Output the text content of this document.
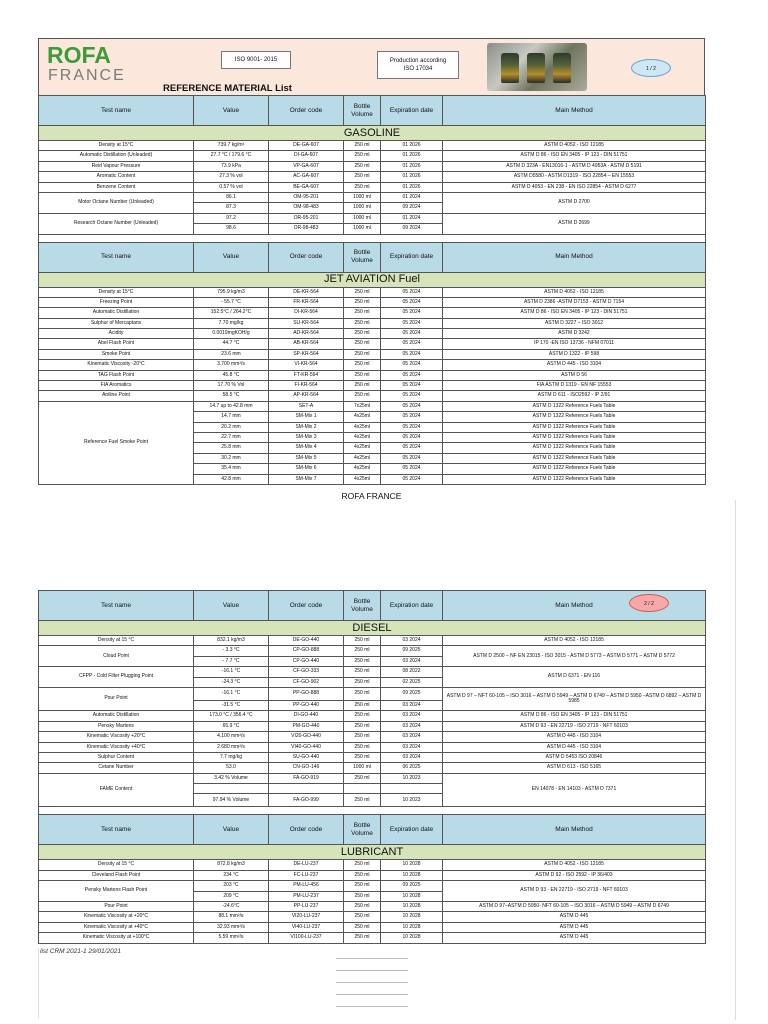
ROFA
FRANCE
ISO 9001- 2015	Production according
ISO 17034
REFERENCE MATERIAL List
1 / 2
Test name	Value	Order code	Bottle Volume	Expiration date	Main Method
GASOLINE					
Density at 15°C	739.7 kg/m³	DE-GA-607	250 ml	01 2026	ASTM D 4052 - ISO 12185
Automatic Distillation (Unleaded)	27.7 °C / 179.6 °C	DI-GA-607	250 ml	01 2026	ASTM D 86 - ISO EN 3405 - IP 123 - DIN 51751
Reid Vapour Pressure	73.9 kPa	VP-GA-607	250 ml	01 2026	ASTM D 323A - EN13016-1 - ASTM D 4953A - ASTM D 5191
Aromatic Content	27.3 % vol	AC-GA-607	250 ml	01 2026	ASTM D5580 - ASTM D1319 - ISO 22854 – EN 15553
Benzene Content	0.57 % vol	BE-GA-607	250 ml	01 2026	ASTM D 4053 - EN 238 - EN ISO 22854 - ASTM D 6277
Motor Octane Number (Unleaded)	86.1	OM-95-201	1000 ml	01 2024	ASTM D 2700
	87.3	OM-98-483	1000 ml	09 2024	
Research Octane Number (Unleaded)	97.2	OR-95-201	1000 ml	01 2024	ASTM D 2699
	98.6	OR-98-483	1000 ml	09 2024	

Test name	Value	Order code	Bottle Volume	Expiration date	Main Method
JET AVIATION Fuel					
Density at 15°C	795.9 kg/m3	DE-KR-564	250 ml	05 2024	ASTM D 4052 - ISO 12185
Freezing Point	- 55.7 °C	FR-KR-564	250 ml	05 2024	ASTM D 2386 -ASTM D7153 - ASTM D 7154
Automatic Distillation	152.5°C / 264.2°C	DI-KR-564	250 ml	05 2024	ASTM D 86 - ISO EN 3405 - IP 123 - DIN 51751
Sulphur of Mercaptans	7.70 mg/kg	SU-KR-564	250 ml	05 2024	ASTM D 3227 – ISO 3012
Acidity	0.0019mgKOH/g	AD-KR-564	250 ml	05 2024	ASTM D 3242
Abel Flash Point	44.7 °C	AB-KR-564	250 ml	05 2024	IP 170 -EN ISO 13736 - NFM 07011
Smoke Point	23.6 mm	SP-KR-564	250 ml	05 2024	ASTM D 1322 - IP 598
Kinematic Viscosity -20°C	3.700 mm²/s	VI-KR-564	250 ml	05 2024	ASTM D 445 - ISO 3104
TAG Flash Point	45.8 °C	FT-KR-564	250 ml	05 2024	ASTM D 56
FIA Aromatics	17.70 % Vol	FI-KR-564	250 ml	05 2024	FIA ASTM D 1319 - EN NF 15553
Aniline Point	58.5 °C	AP-KR-564	250 ml	05 2024	ASTM D 611 - ISO2592 - IP 2/91
Reference Fuel Smoke Point	14.7 up to 42.8 mm	SET-A	7x25ml	05 2024	ASTM D 1322 Reference Fuels Table
	14.7 mm	SM-Mix 1	4x25ml	05 2024	ASTM D 1322 Reference Fuels Table
	20.2 mm	SM-Mix 2	4x25ml	05 2024	ASTM D 1322 Reference Fuels Table
	22.7 mm	SM-Mix 3	4x25ml	05 2024	ASTM D 1322 Reference Fuels Table
	25.8 mm	SM-Mix 4	4x25ml	05 2024	ASTM D 1322 Reference Fuels Table
	30.2 mm	SM-Mix 5	4x25ml	05 2024	ASTM D 1322 Reference Fuels Table
	35.4 mm	SM-Mix 6	4x25ml	05 2024	ASTM D 1322 Reference Fuels Table
	42.8 mm	SM-Mix 7	4x25ml	05 2024	ASTM D 1322 Reference Fuels Table
ROFA FRANCE
2 / 2
Test name	Value	Order code	Bottle Volume	Expiration date	Main Method
DIESEL					
Density at 15 °C	832.1 kg/m3	DE-GO-440	250 ml	03 2024	ASTM D 4052 - ISO 12185
Cloud Point	- 3.3 °C	CP-GO-888	250 ml	09 2025	ASTM D 2500 – NF EN 23015 - ISO 3015 - ASTM D 5773 – ASTM D 5771 – ASTM D 5772
	- 7.7 °C	CP-GO-440	250 ml	03 2024	
CFPP - Cold Filter Plugging Point	-16.1 °C	CF-GO-333	250 ml	08 2022	ASTM D 6371 - EN 116
	-24.3 °C	CF-GO-902	250 ml	02 2025	
Pour Point	-16.1 °C	PP-GO-888	250 ml	09 2025	ASTM D 97 – NFT 60-105 – ISO 3016 – ASTM D 5949 – ASTM D 6749 – ASTM D 5950 –ASTM D 6892 – ASTM D 5985
	-31.5 °C	PP-GO-440	250 ml	03 2024	
Automatic Distillation	173.0 °C / 356.4 °C	DI-GO-440	250 ml	03 2024	ASTM D 86 - ISO EN 3405 - IP 123 - DIN 51751
Pensky Martens	65.9 °C	PM-GO-440	250 ml	03 2024	ASTM D 93 - EN 22719 - ISO 2719 - NFT 60103
Kinematic Viscosity +20°C	4.100 mm²/s	VI20-GO-440	250 ml	03 2024	ASTM D 445 - ISO 3104
Kinematic Viscosity +40°C	2.680 mm²/s	VI40-GO-440	250 ml	03 2024	ASTM D 445 - ISO 3104
Sulphur Content	7.7 mg/kg	SU-GO-440	250 ml	03 2024	ASTM D 5453 ISO 20846
Cetane Number	53.0	CN-GO-146	1000 ml	06 2025	ASTM D 613 - ISO 5165
FAME Content	3.42 % Volume	FA-GO-919	250 ml	10 2023	EN 14078 - EN 14103 - ASTM D 7371

	97.94 % Volume	FA-GO-999	250 ml	10 2023	

Test name	Value	Order code	Bottle Volume	Expiration date	Main Method
LUBRICANT					
Density at 15 °C	872.8 kg/m3	DE-LU-237	250 ml	10 2028	ASTM D 4052 - ISO 12185
Cleveland Flash Point	234 °C	FC-LU-237	250 ml	10 2028	ASTM D 92 - ISO 2592 - IP 36/403
Pensky Martens Flash Point	203 °C	PM-LU-456	250 ml	09 2025	ASTM D 93 - EN 22719 - ISO 2719 - NFT 60103
	209 °C	PM-LU-237	250 ml	10 2028	
Pour Point	-24.6°C	PP-LU-237	250 ml	10 2028	ASTM D 97–ASTM D 5950- NFT 60-105 – ISO 3016 – ASTM D 5949 – ASTM D 6749
Kinematic Viscosity at +20°C	88.1 mm²/s	VI20-LU-237	250 ml	10 2028	ASTM D 445
Kinematic Viscosity at +40°C	32.93 mm²/s	VI40-LU-237	250 ml	10 2028	ASTM D 445
Kinematic Viscosity at +100°C	5.59 mm²/s	VI100-LU-237	250 ml	10 2028	ASTM D 445
list CRM 2021-1 29/01/2021
